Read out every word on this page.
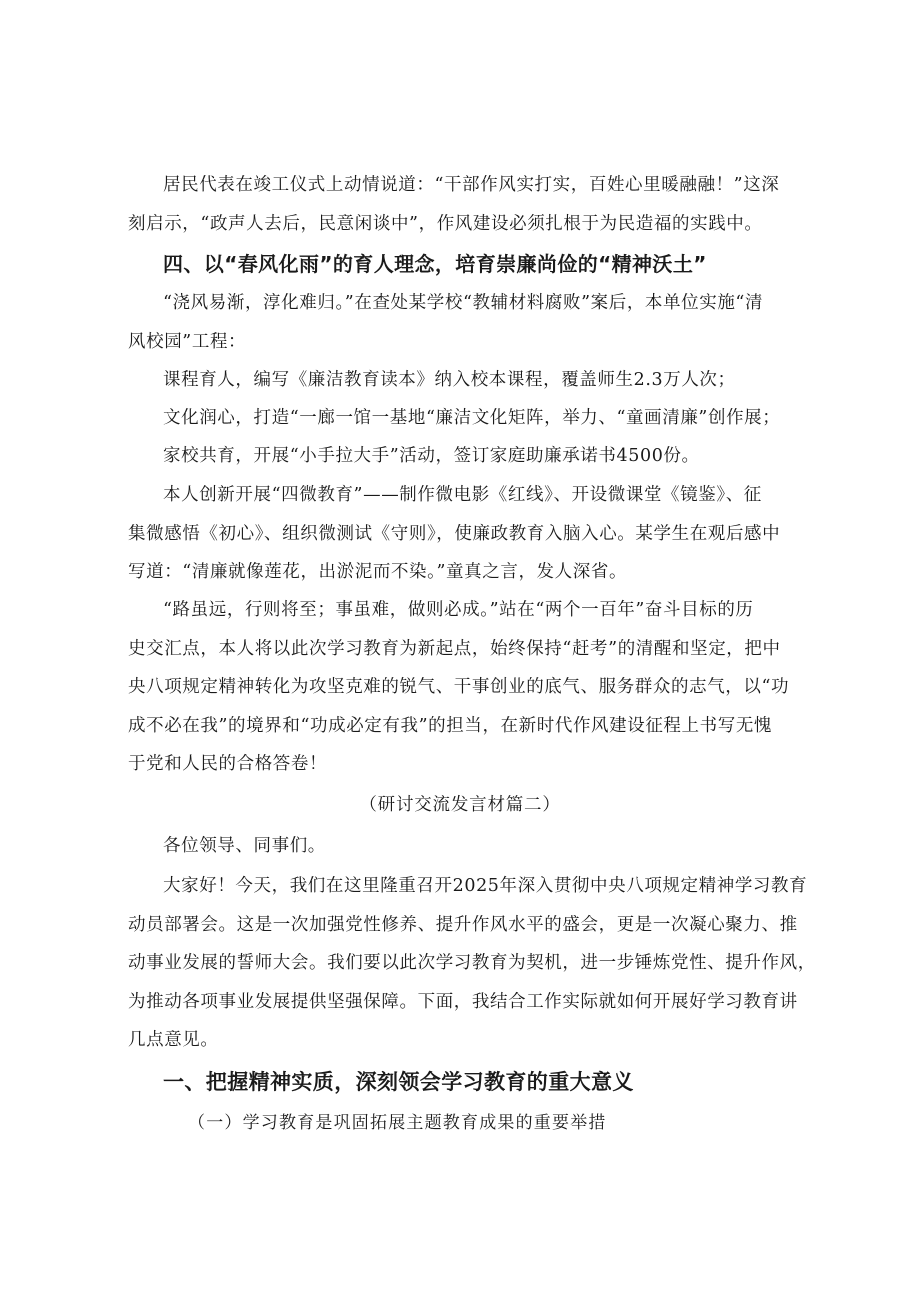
居民代表在竣工仪式上动情说道：“干部作风实打实，百姓心里暖融融！”这深
刻启示，“政声人去后，民意闲谈中”，作风建设必须扎根于为民造福的实践中。
四、以“春风化雨”的育人理念，培育崇廉尚俭的“精神沃土”
“浇风易渐，淳化难归。”在查处某学校“教辅材料腐败”案后，本单位实施“清
风校园”工程：
课程育人，编写《廉洁教育读本》纳入校本课程，覆盖师生2.3万人次；
文化润心，打造“一廊一馆一基地“廉洁文化矩阵，举力、“童画清廉”创作展；
家校共育，开展“小手拉大手”活动，签订家庭助廉承诺书4500份。
本人创新开展“四微教育”——制作微电影《红线》、开设微课堂《镜鉴》、征
集微感悟《初心》、组织微测试《守则》，使廉政教育入脑入心。某学生在观后感中
写道：“清廉就像莲花，出淤泥而不染。”童真之言，发人深省。
“路虽远，行则将至；事虽难，做则必成。”站在“两个一百年”奋斗目标的历
史交汇点，本人将以此次学习教育为新起点，始终保持“赶考”的清醒和坚定，把中
央八项规定精神转化为攻坚克难的锐气、干事创业的底气、服务群众的志气，以“功
成不必在我”的境界和“功成必定有我”的担当，在新时代作风建设征程上书写无愧
于党和人民的合格答卷！
（研讨交流发言材篇二）
各位领导、同事们。
大家好！今天，我们在这里隆重召开2025年深入贯彻中央八项规定精神学习教育
动员部署会。这是一次加强党性修养、提升作风水平的盛会，更是一次凝心聚力、推
动事业发展的誓师大会。我们要以此次学习教育为契机，进一步锤炼党性、提升作风，
为推动各项事业发展提供坚强保障。下面，我结合工作实际就如何开展好学习教育讲
几点意见。
一、把握精神实质，深刻领会学习教育的重大意义
（一）学习教育是巩固拓展主题教育成果的重要举措
